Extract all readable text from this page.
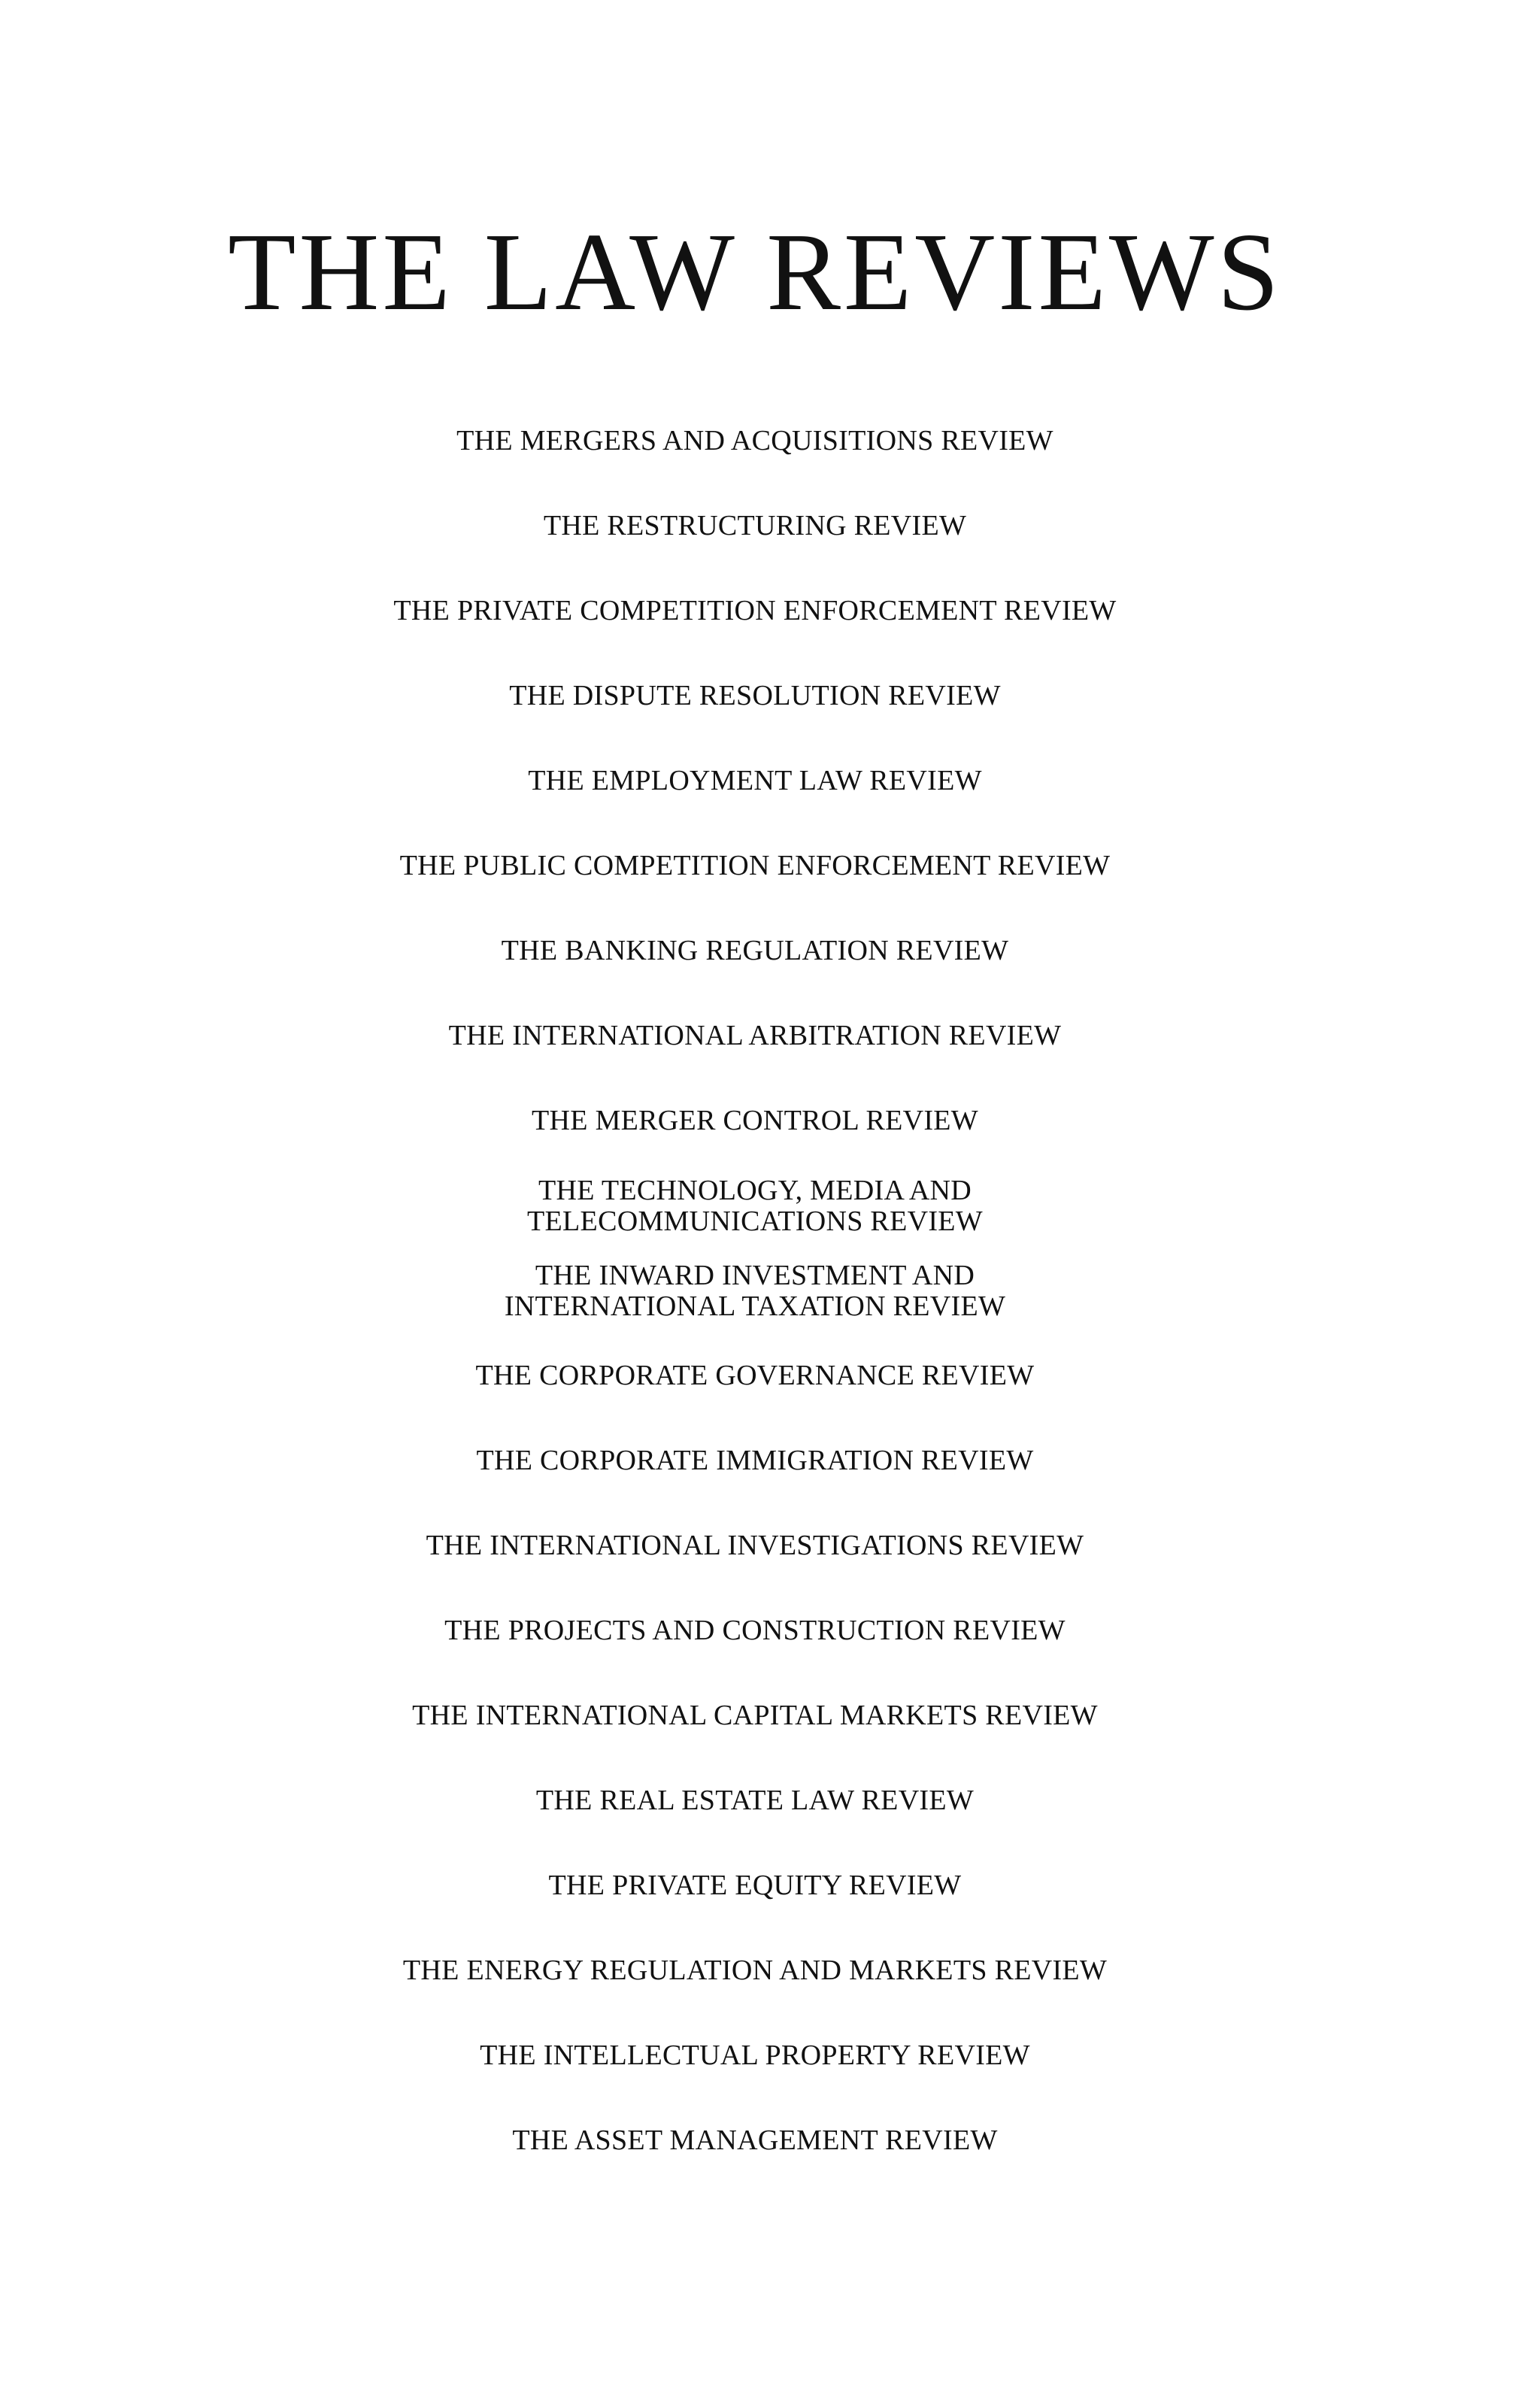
THE LAW REVIEWS
THE MERGERS AND ACQUISITIONS REVIEW
THE RESTRUCTURING REVIEW
THE PRIVATE COMPETITION ENFORCEMENT REVIEW
THE DISPUTE RESOLUTION REVIEW
THE EMPLOYMENT LAW REVIEW
THE PUBLIC COMPETITION ENFORCEMENT REVIEW
THE BANKING REGULATION REVIEW
THE INTERNATIONAL ARBITRATION REVIEW
THE MERGER CONTROL REVIEW
THE TECHNOLOGY, MEDIA AND
TELECOMMUNICATIONS REVIEW
THE INWARD INVESTMENT AND
INTERNATIONAL TAXATION REVIEW
THE CORPORATE GOVERNANCE REVIEW
THE CORPORATE IMMIGRATION REVIEW
THE INTERNATIONAL INVESTIGATIONS REVIEW
THE PROJECTS AND CONSTRUCTION REVIEW
THE INTERNATIONAL CAPITAL MARKETS REVIEW
THE REAL ESTATE LAW REVIEW
THE PRIVATE EQUITY REVIEW
THE ENERGY REGULATION AND MARKETS REVIEW
THE INTELLECTUAL PROPERTY REVIEW
THE ASSET MANAGEMENT REVIEW
